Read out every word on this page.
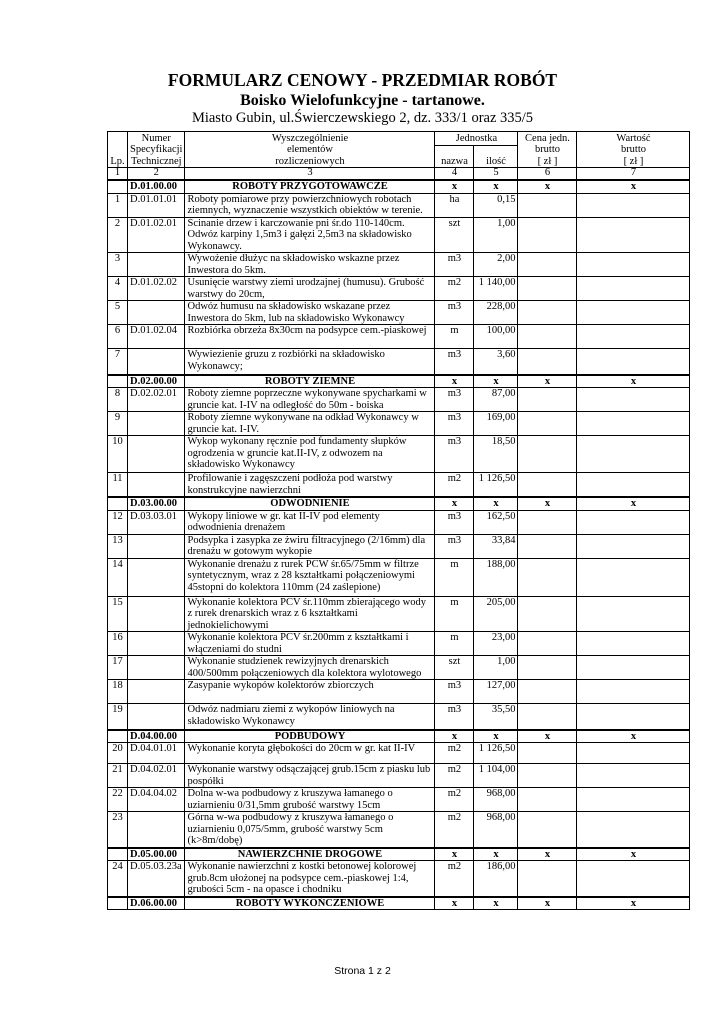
FORMULARZ CENOWY - PRZEDMIAR ROBÓT
Boisko Wielofunkcyjne - tartanowe.
Miasto Gubin, ul.Świerczewskiego 2, dz. 333/1 oraz 335/5
Lp.	Numer
Specyfikacji
Technicznej	Wyszczególnienie
elementów
rozliczeniowych	Jednostka		Cena jedn.
brutto
[ zł ]	Wartość
brutto
[ zł ]
			nazwa	ilość		
1	2	3	4	5	6	7
	D.01.00.00	ROBOTY PRZYGOTOWAWCZE	x	x	x	x
1	D.01.01.01	Roboty pomiarowe przy powierzchniowych robotach ziemnych, wyznaczenie wszystkich obiektów w terenie.	ha	0,15		
2	D.01.02.01	Ścinanie drzew i karczowanie pni śr.do 110-140cm. Odwóz karpiny 1,5m3 i gałęzi 2,5m3 na składowisko Wykonawcy.	szt	1,00		
3		Wywożenie dłużyc na składowisko wskazne przez Inwestora do 5km.	m3	2,00		
4	D.01.02.02	Usunięcie warstwy ziemi urodzajnej (humusu). Grubość warstwy do 20cm,	m2	1 140,00		
5		Odwóz humusu na składowisko wskazane przez Inwestora do 5km, lub na składowisko Wykonawcy	m3	228,00		
6	D.01.02.04	Rozbiórka obrzeża 8x30cm na podsypce cem.-piaskowej	m	100,00		
7		Wywiezienie gruzu z rozbiórki na składowisko Wykonawcy;	m3	3,60		
	D.02.00.00	ROBOTY ZIEMNE	x	x	x	x
8	D.02.02.01	Roboty ziemne poprzeczne wykonywane spycharkami w gruncie kat. I-IV na odległość do 50m - boiska	m3	87,00		
9		Roboty ziemne wykonywane na odkład Wykonawcy w gruncie kat. I-IV.	m3	169,00		
10		Wykop wykonany ręcznie pod fundamenty słupków ogrodzenia w gruncie kat.II-IV, z odwozem na składowisko Wykonawcy	m3	18,50		
11		Profilowanie i zagęszczeni podłoża pod warstwy konstrukcyjne nawierzchni	m2	1 126,50		
	D.03.00.00	ODWODNIENIE	x	x	x	x
12	D.03.03.01	Wykopy liniowe w gr. kat II-IV pod elementy odwodnienia drenażem	m3	162,50		
13		Podsypka i zasypka ze żwiru filtracyjnego (2/16mm) dla drenażu w gotowym wykopie	m3	33,84		
14		Wykonanie drenażu z rurek PCW śr.65/75mm w filtrze syntetycznym, wraz z 28 kształtkami połączeniowymi 45stopni do kolektora 110mm (24 zaślepione)	m	188,00		
15		Wykonanie kolektora PCV śr.110mm zbierającego wody z rurek drenarskich wraz z 6 kształtkami jednokielichowymi	m	205,00		
16		Wykonanie kolektora PCV śr.200mm z kształtkami i włączeniami do studni	m	23,00		
17		Wykonanie studzienek rewizyjnych drenarskich 400/500mm połączeniowych dla kolektora wylotowego	szt	1,00		
18		Zasypanie wykopów kolektorów zbiorczych	m3	127,00		
19		Odwóz nadmiaru ziemi z wykopów liniowych na składowisko Wykonawcy	m3	35,50		
	D.04.00.00	PODBUDOWY	x	x	x	x
20	D.04.01.01	Wykonanie koryta głębokości do 20cm w gr. kat II-IV	m2	1 126,50		
21	D.04.02.01	Wykonanie warstwy odsączającej grub.15cm z piasku lub pospółki	m2	1 104,00		
22	D.04.04.02	Dolna w-wa podbudowy z kruszywa łamanego o uziarnieniu 0/31,5mm grubość warstwy 15cm	m2	968,00		
23		Górna w-wa podbudowy z kruszywa łamanego o uziarnieniu 0,075/5mm, grubość warstwy 5cm (k>8m/dobę)	m2	968,00		
	D.05.00.00	NAWIERZCHNIE DROGOWE	x	x	x	x
24	D.05.03.23a	Wykonanie nawierzchni z kostki betonowej kolorowej grub.8cm ułożonej na podsypce cem.-piaskowej 1:4, grubości 5cm - na opasce i chodniku	m2	186,00		
	D.06.00.00	ROBOTY WYKOŃCZENIOWE	x	x	x	x
Strona 1 z 2
